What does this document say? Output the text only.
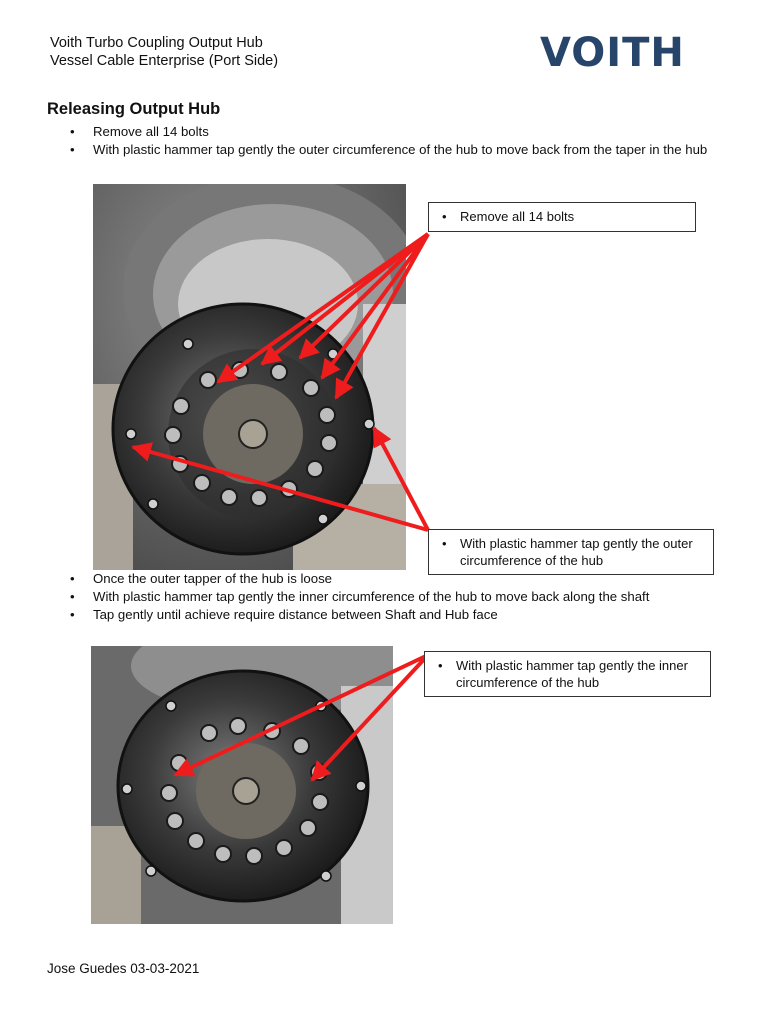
Voith Turbo Coupling Output Hub
Vessel Cable Enterprise (Port Side)	VOITH
Releasing Output Hub
• Remove all 14 bolts
• With plastic hammer tap gently the outer circumference of the hub to move back from the taper in the hub
• Remove all 14 bolts
• With plastic hammer tap gently the outer circumference of the hub
• Once the outer tapper of the hub is loose
• With plastic hammer tap gently the inner circumference of the hub to move back along the shaft
• Tap gently until achieve require distance between Shaft and Hub face
• With plastic hammer tap gently the inner circumference of the hub
Jose Guedes 03-03-2021
